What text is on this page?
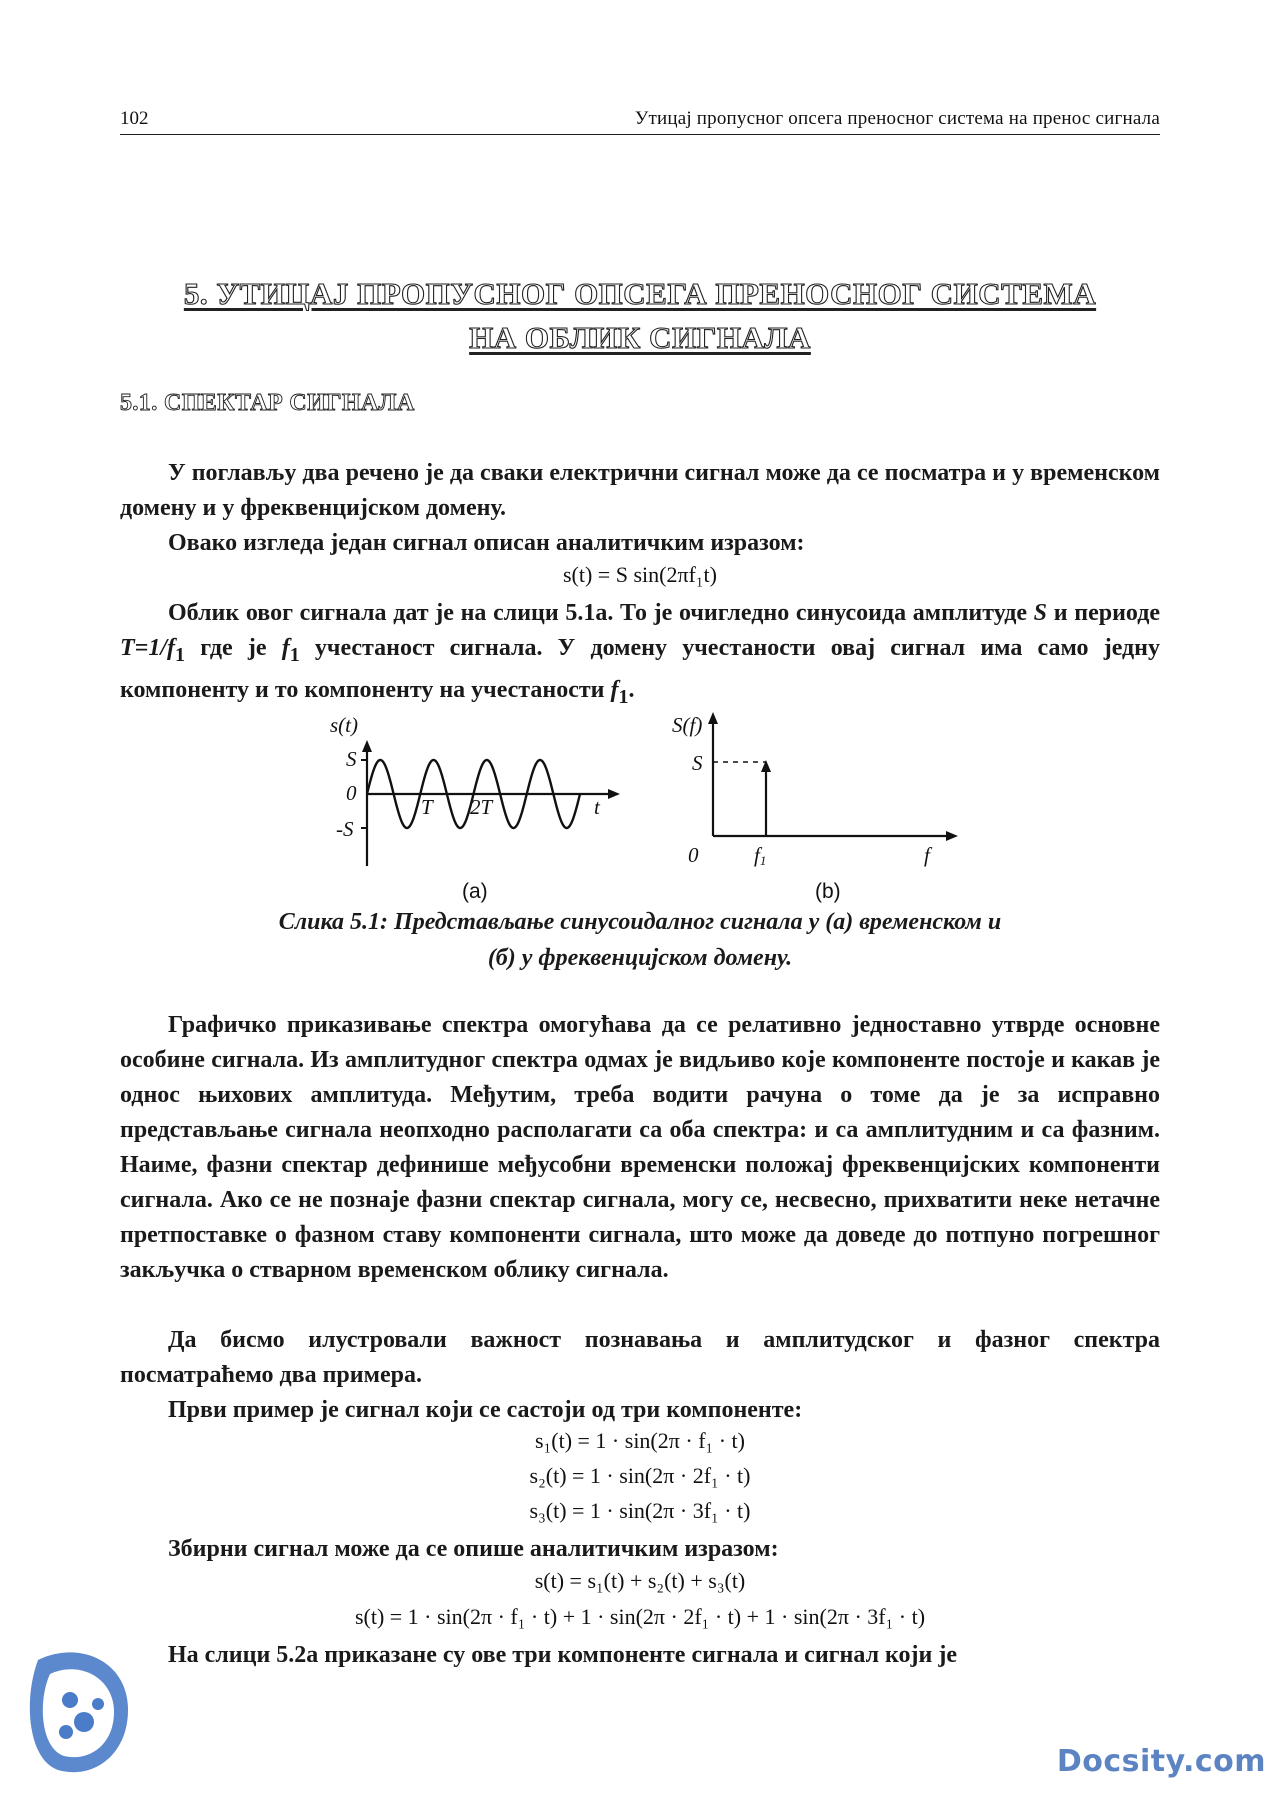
102	Утицај пропусног опсега преносног система на пренос сигнала
5. УТИЦАЈ ПРОПУСНОГ ОПСЕГА ПРЕНОСНОГ СИСТЕМА
НА ОБЛИК СИГНАЛА
5.1. СПЕКТАР СИГНАЛА
У поглављу два речено је да сваки електрични сигнал може да се посматра и у временском домену и у фреквенцијском домену.
Овако изгледа један сигнал описан аналитичким изразом:
s(t) = S sin(2πf₁t)
Облик овог сигнала дат је на слици 5.1а. То је очигледно синусоида амплитуде S и периоде $T=1/f_1$ где је $f_1$ учестаност сигнала. У домену учестаности овај сигнал има само једну компоненту и то компоненту на учестаности $f_1$.
s(t)
S
0
-S
T 2T	t
(a)
S(f)
S
0	f1	f
(b)
Слика 5.1: Представљање синусоидалног сигнала у (а) временском и
(б) у фреквенцијском домену.
Графичко приказивање спектра омогућава да се релативно једноставно утврде основне особине сигнала. Из амплитудног спектра одмах је видљиво које компоненте постоје и какав је однос њихових амплитуда. Међутим, треба водити рачуна о томе да је за исправно представљање сигнала неопходно располагати са оба спектра: и са амплитудним и са фазним. Наиме, фазни спектар дефинише међусобни временски положај фреквенцијских компоненти сигнала. Ако се не познаје фазни спектар сигнала, могу се, несвесно, прихватити неке нетачне претпоставке о фазном ставу компоненти сигнала, што може да доведе до потпуно погрешног закључка о стварном временском облику сигнала.
Да бисмо илустровали важност познавања и амплитудског и фазног спектра посматраћемо два примера.
Први пример је сигнал који се састоји од три компоненте:
s₁(t) = 1 · sin(2π · f₁ · t)
s₂(t) = 1 · sin(2π · 2f₁ · t)
s₃(t) = 1 · sin(2π · 3f₁ · t)
Збирни сигнал може да се опише аналитичким изразом:
s(t) = s₁(t) + s₂(t) + s₃(t)
s(t) = 1 · sin(2π · f₁ · t) + 1 · sin(2π · 2f₁ · t) + 1 · sin(2π · 3f₁ · t)
На слици 5.2а приказане су ове три компоненте сигнала и сигнал који је
Docsity.com
